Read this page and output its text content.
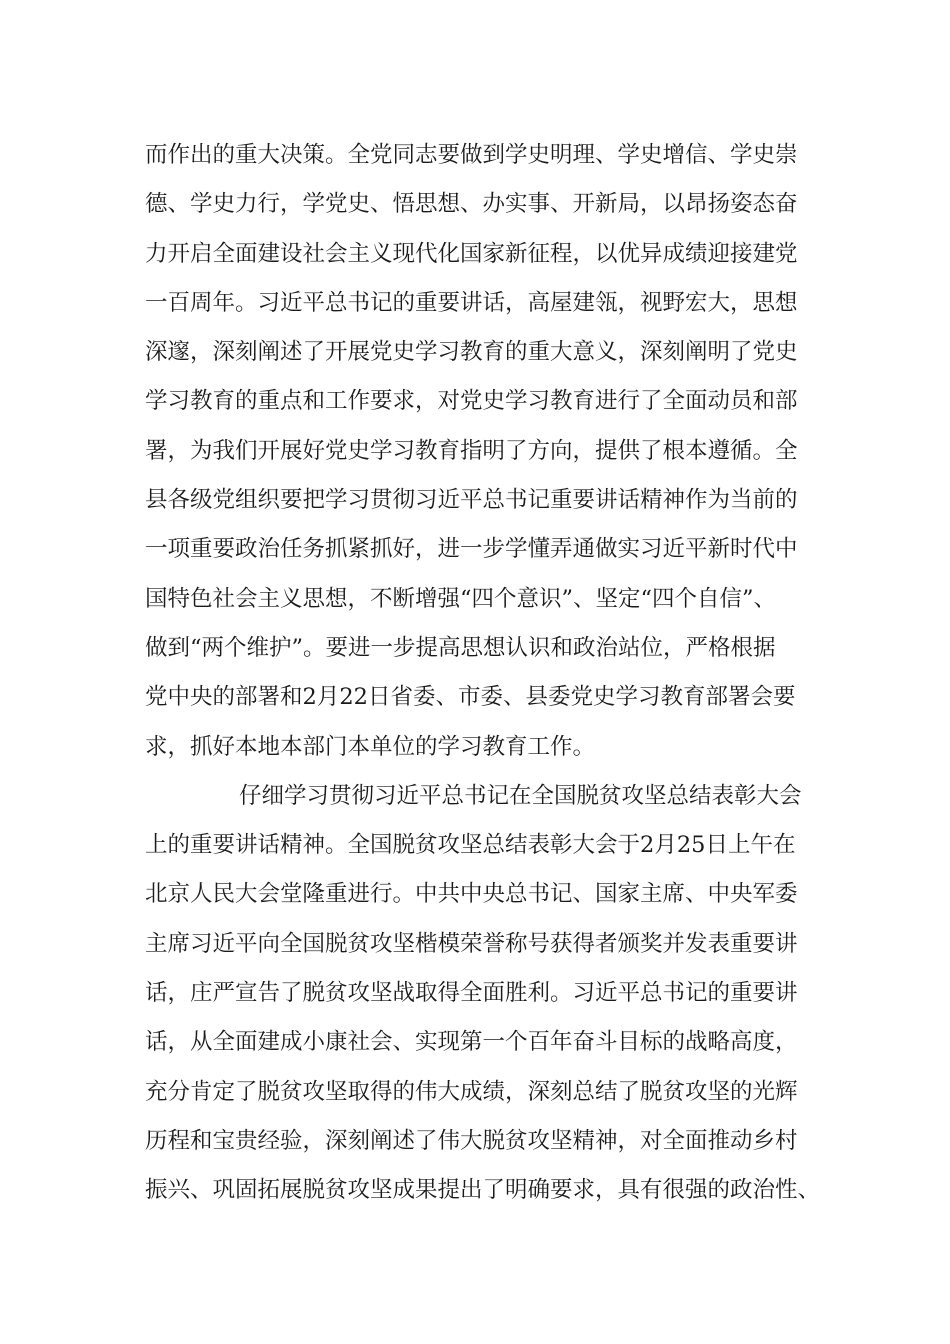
而作出的重大决策。全党同志要做到学史明理、学史增信、学史崇
德、学史力行，学党史、悟思想、办实事、开新局，以昂扬姿态奋
力开启全面建设社会主义现代化国家新征程，以优异成绩迎接建党
一百周年。习近平总书记的重要讲话，高屋建瓴，视野宏大，思想
深邃，深刻阐述了开展党史学习教育的重大意义，深刻阐明了党史
学习教育的重点和工作要求，对党史学习教育进行了全面动员和部
署，为我们开展好党史学习教育指明了方向，提供了根本遵循。全
县各级党组织要把学习贯彻习近平总书记重要讲话精神作为当前的
一项重要政治任务抓紧抓好，进一步学懂弄通做实习近平新时代中
国特色社会主义思想，不断增强“四个意识”、坚定“四个自信”、
做到“两个维护”。要进一步提高思想认识和政治站位，严格根据
党中央的部署和2月22日省委、市委、县委党史学习教育部署会要
求，抓好本地本部门本单位的学习教育工作。
仔细学习贯彻习近平总书记在全国脱贫攻坚总结表彰大会
上的重要讲话精神。全国脱贫攻坚总结表彰大会于2月25日上午在
北京人民大会堂隆重进行。中共中央总书记、国家主席、中央军委
主席习近平向全国脱贫攻坚楷模荣誉称号获得者颁奖并发表重要讲
话，庄严宣告了脱贫攻坚战取得全面胜利。习近平总书记的重要讲
话，从全面建成小康社会、实现第一个百年奋斗目标的战略高度，
充分肯定了脱贫攻坚取得的伟大成绩，深刻总结了脱贫攻坚的光辉
历程和宝贵经验，深刻阐述了伟大脱贫攻坚精神，对全面推动乡村
振兴、巩固拓展脱贫攻坚成果提出了明确要求，具有很强的政治性、
